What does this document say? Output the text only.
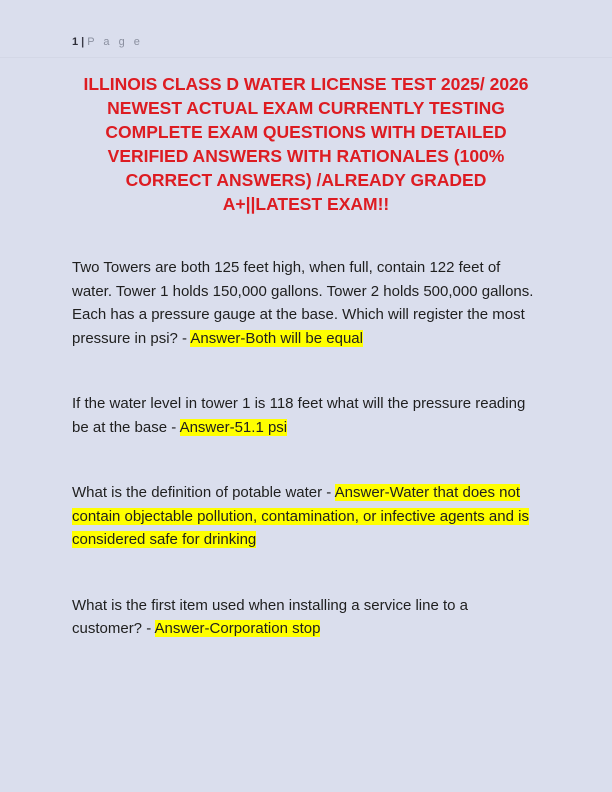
1 | P a g e
ILLINOIS CLASS D WATER LICENSE TEST 2025/ 2026
NEWEST ACTUAL EXAM CURRENTLY TESTING
COMPLETE EXAM QUESTIONS WITH DETAILED
VERIFIED ANSWERS WITH RATIONALES (100%
CORRECT ANSWERS) /ALREADY GRADED
A+||LATEST EXAM!!

Two Towers are both 125 feet high, when full, contain 122 feet of water. Tower 1 holds 150,000 gallons. Tower 2 holds 500,000 gallons. Each has a pressure gauge at the base. Which will register the most pressure in psi? - Answer-Both will be equal

If the water level in tower 1 is 118 feet what will the pressure reading be at the base - Answer-51.1 psi

What is the definition of potable water - Answer-Water that does not contain objectable pollution, contamination, or infective agents and is considered safe for drinking

What is the first item used when installing a service line to a customer? - Answer-Corporation stop
